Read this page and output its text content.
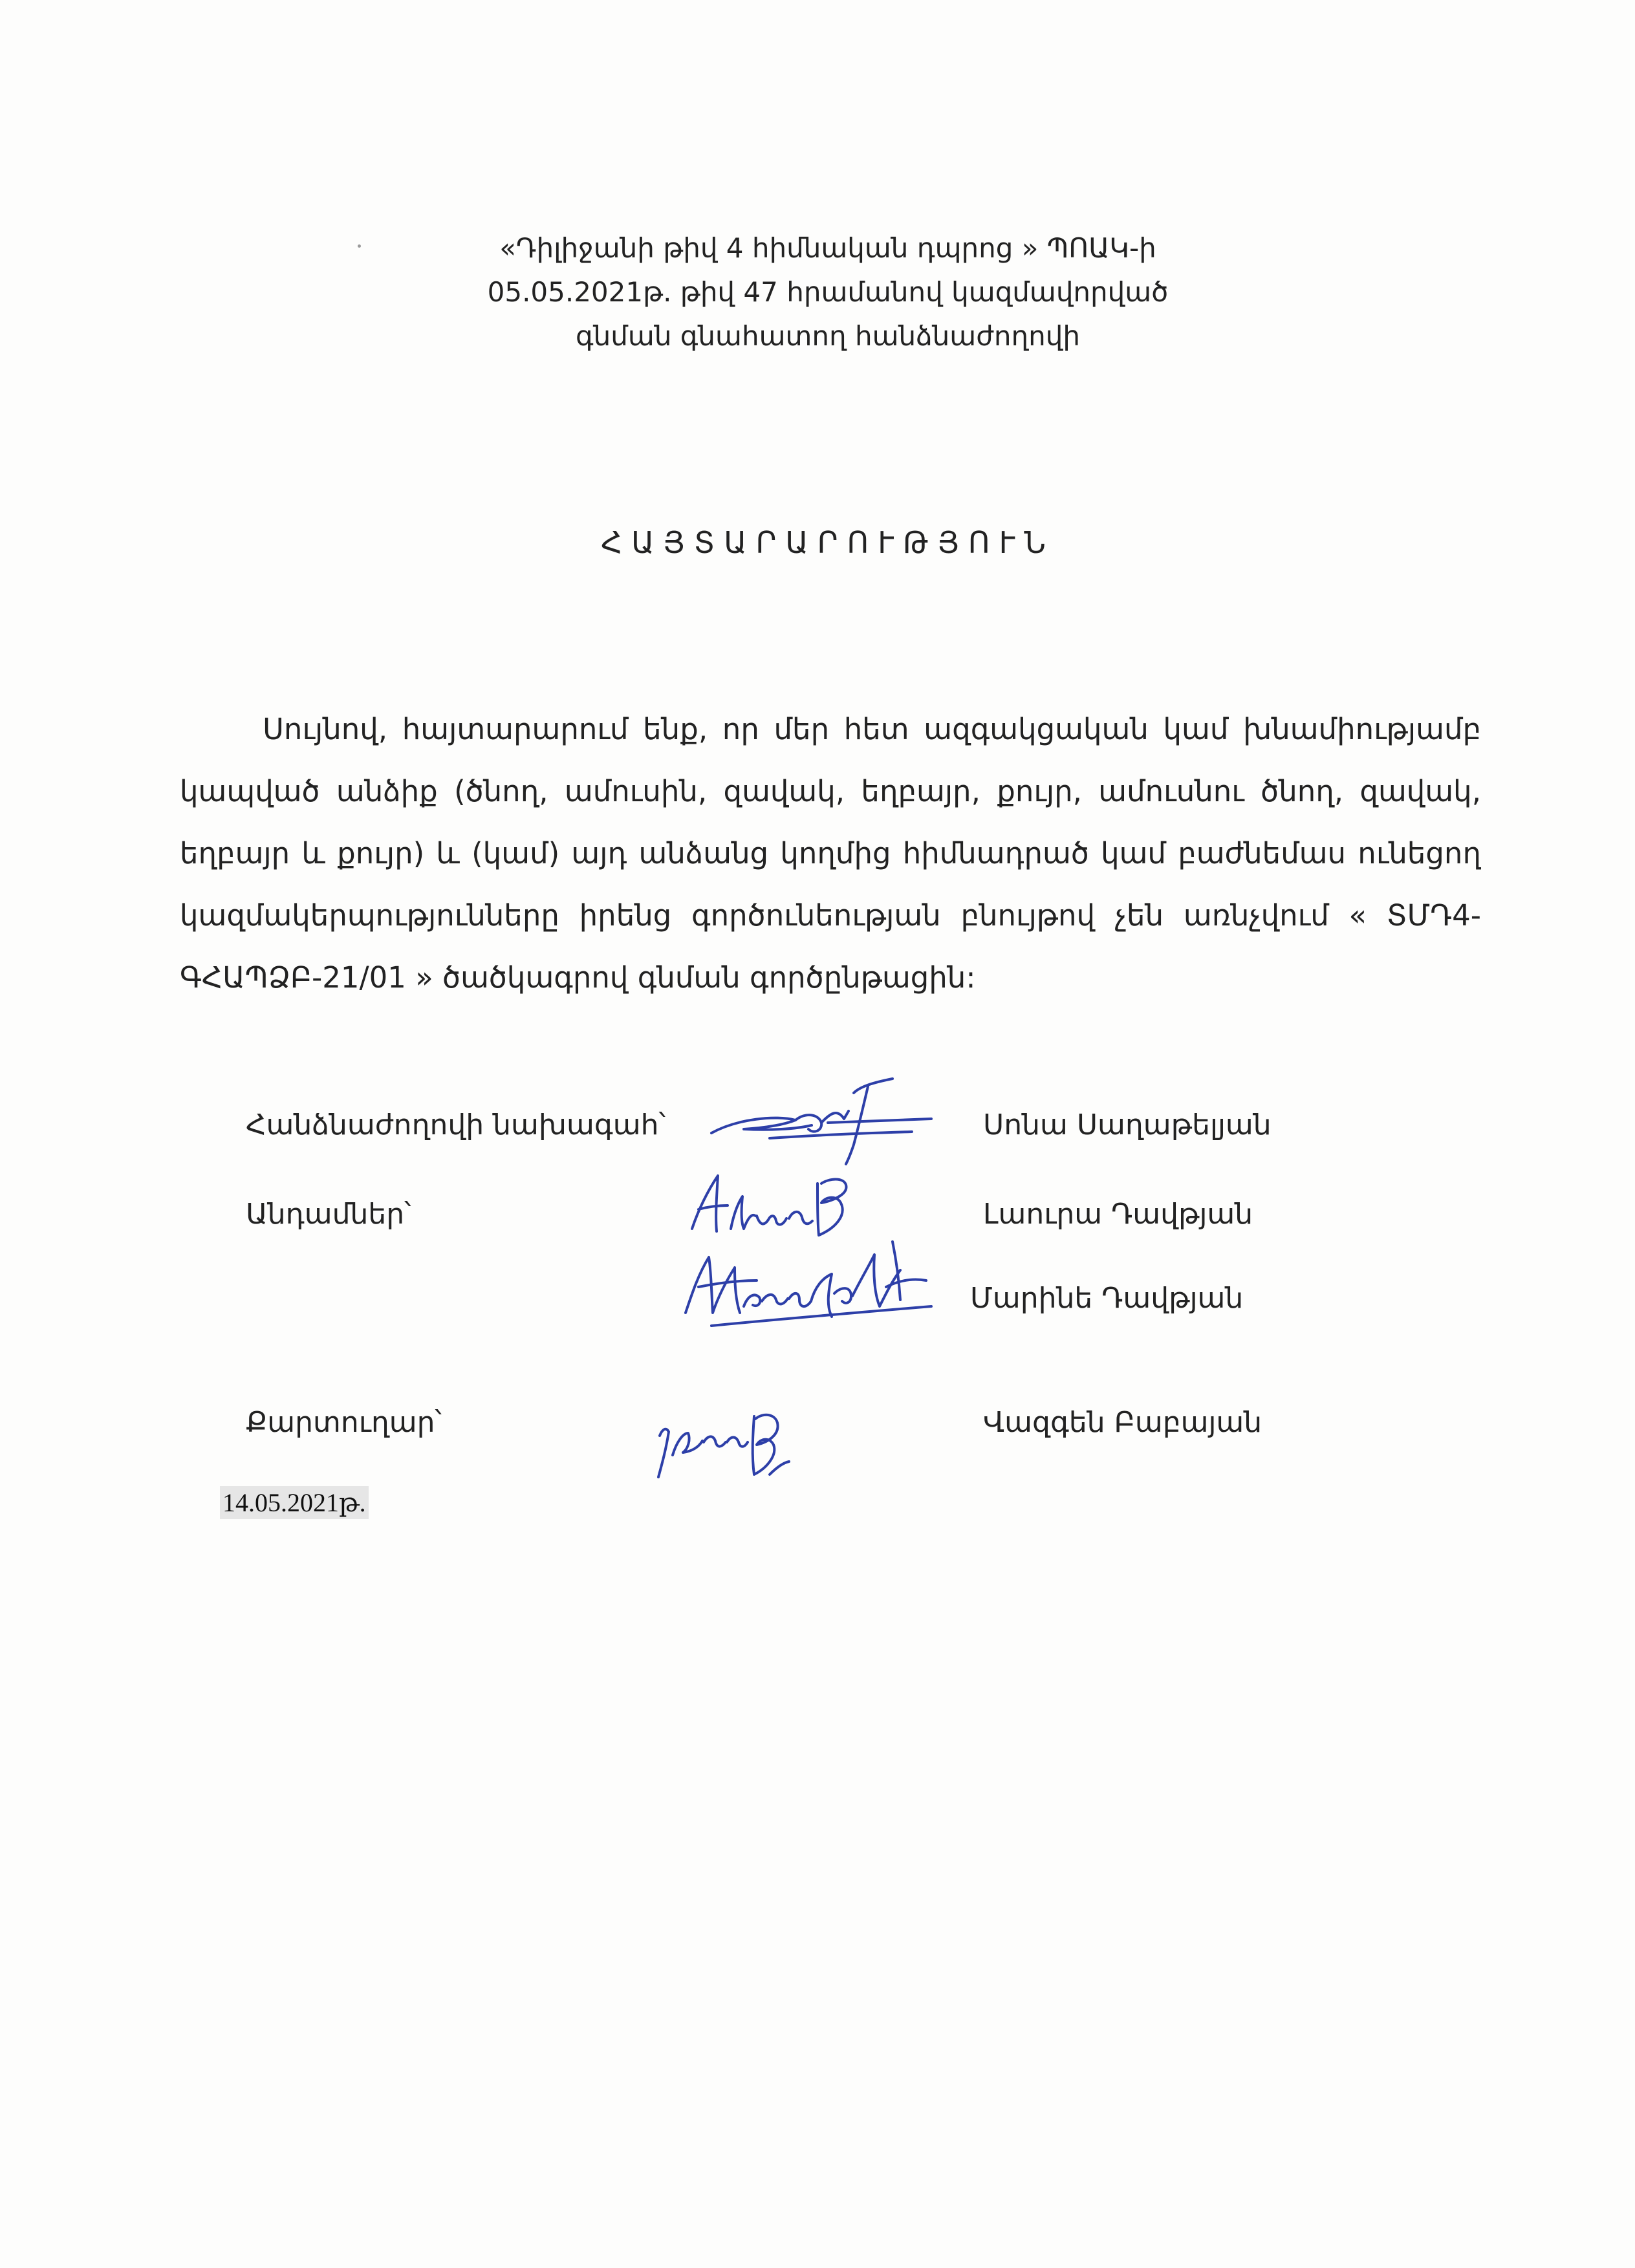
«Դիլիջանի թիվ 4 հիմնական դպրոց » ՊՈԱԿ-ի
05.05.2021թ. թիվ 47 հրամանով կազմավորված
գնման գնահատող հանձնաժողովի
ՀԱՅՏԱՐԱՐՈՒԹՅՈՒՆ
Սույնով, հայտարարում ենք, որ մեր հետ ազգակցական կամ խնամիությամբ
կապված անձիք (ծնող, ամուսին, զավակ, եղբայր, քույր, ամուսնու ծնող, զավակ,
եղբայր և քույր) և (կամ) այդ անձանց կողմից հիմնադրած կամ բաժնեմաս ունեցող
կազմակերպությունները իրենց գործունեության բնույթով չեն առնչվում « ՏՄԴ4-
ԳՀԱՊՁԲ-21/01 » ծածկագրով գնման գործընթացին:
Հանձնաժողովի նախագահ՝	Սոնա Սաղաթելյան
Անդամներ՝	Լաուրա Դավթյան
Մարինե Դավթյան
Քարտուղար՝	Վազգեն Բաբայան
14.05.2021թ.
